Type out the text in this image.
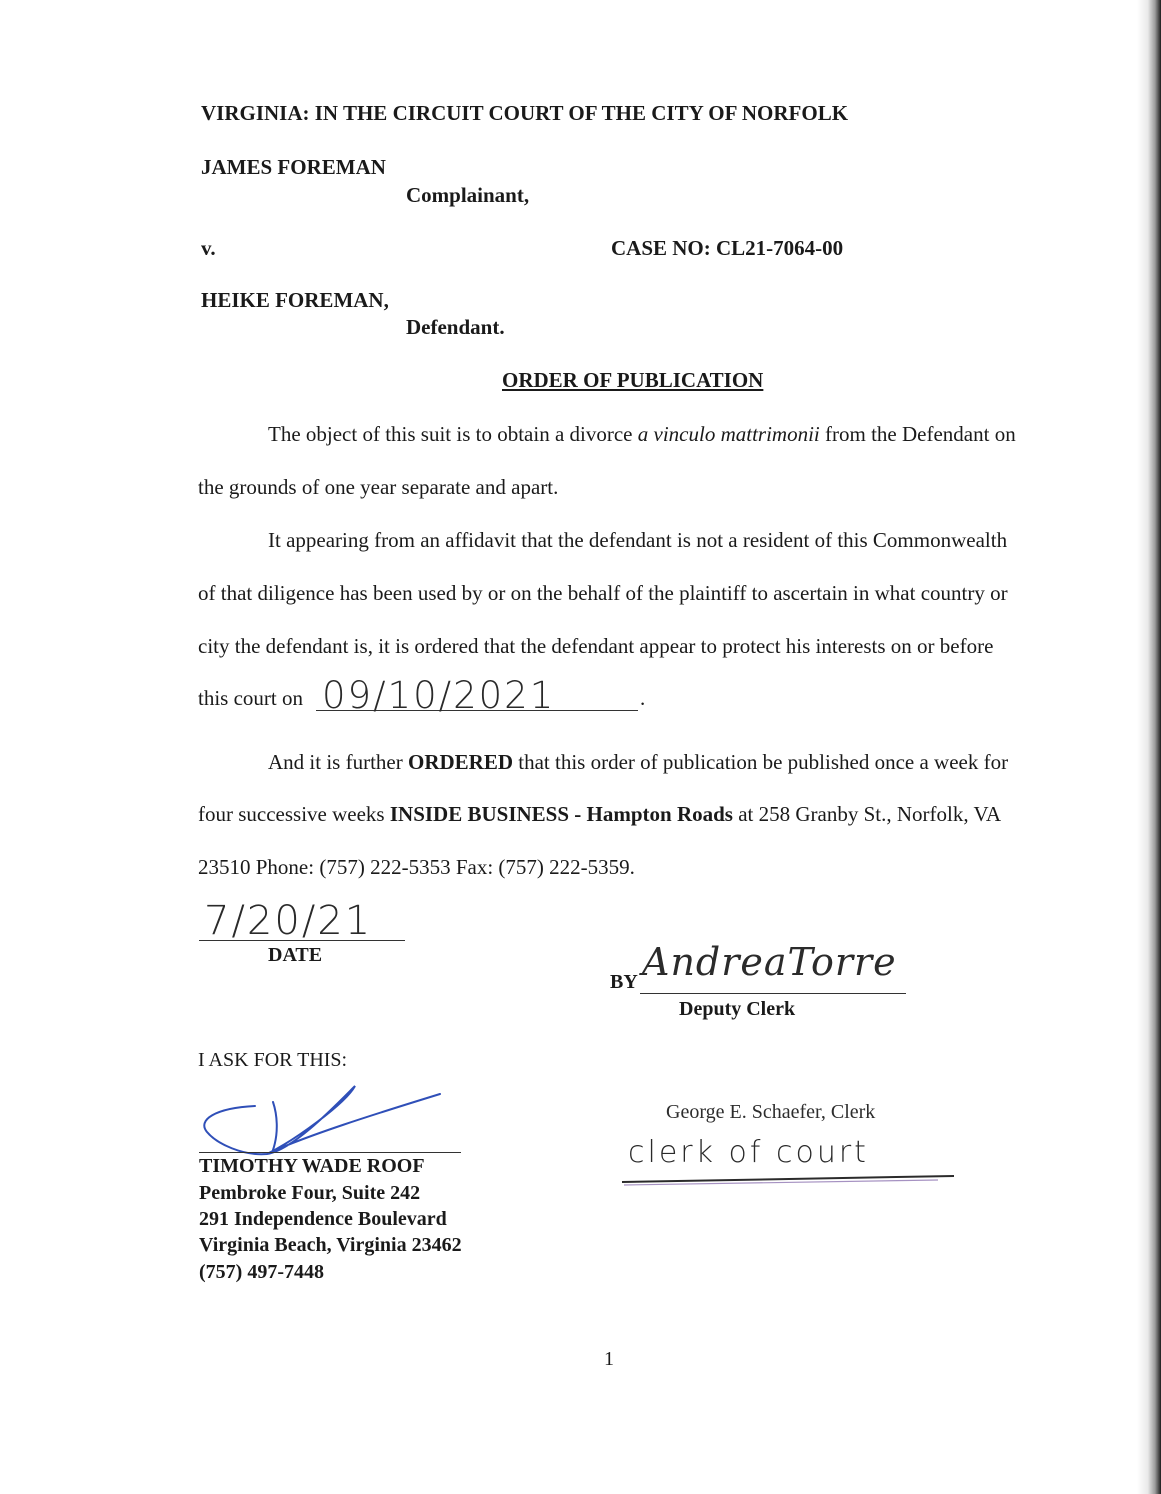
VIRGINIA: IN THE CIRCUIT COURT OF THE CITY OF NORFOLK
JAMES FOREMAN
Complainant,
v.	CASE NO: CL21-7064-00
HEIKE FOREMAN,
Defendant.
ORDER OF PUBLICATION
The object of this suit is to obtain a divorce a vinculo mattrimonii from the Defendant on
the grounds of one year separate and apart.
It appearing from an affidavit that the defendant is not a resident of this Commonwealth
of that diligence has been used by or on the behalf of the plaintiff to ascertain in what country or
city the defendant is, it is ordered that the defendant appear to protect his interests on or before
this court on	.
09/10/2021
And it is further ORDERED that this order of publication be published once a week for
four successive weeks INSIDE BUSINESS - Hampton Roads at 258 Granby St., Norfolk, VA
23510 Phone: (757) 222-5353 Fax: (757) 222-5359.
7/20/21
DATE
BY AndreaTorre
Deputy Clerk
George E. Schaefer, Clerk
clerk of court
I ASK FOR THIS:
TIMOTHY WADE ROOF
Pembroke Four, Suite 242
291 Independence Boulevard
Virginia Beach, Virginia 23462
(757) 497-7448
1
